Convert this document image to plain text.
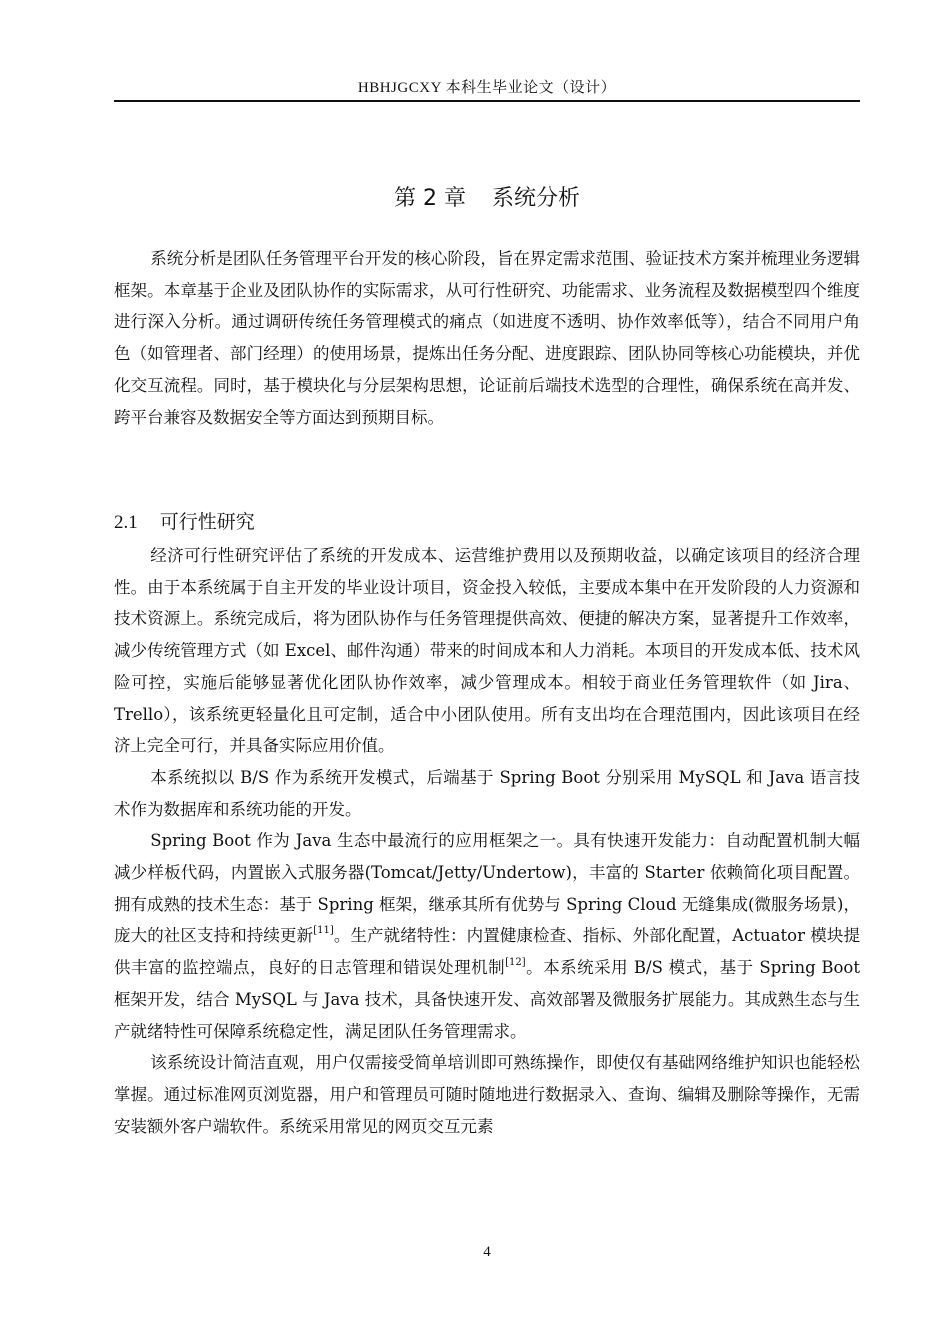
HBHJGCXY 本科生毕业论文（设计）
第 2 章 系统分析

系统分析是团队任务管理平台开发的核心阶段，旨在界定需求范围、验证技术方案并梳理业务逻辑框架。本章基于企业及团队协作的实际需求，从可行性研究、功能需求、业务流程及数据模型四个维度进行深入分析。通过调研传统任务管理模式的痛点（如进度不透明、协作效率低等），结合不同用户角色（如管理者、部门经理）的使用场景，提炼出任务分配、进度跟踪、团队协同等核心功能模块，并优化交互流程。同时，基于模块化与分层架构思想，论证前后端技术选型的合理性，确保系统在高并发、跨平台兼容及数据安全等方面达到预期目标。

2.1 可行性研究

经济可行性研究评估了系统的开发成本、运营维护费用以及预期收益，以确定该项目的经济合理性。由于本系统属于自主开发的毕业设计项目，资金投入较低，主要成本集中在开发阶段的人力资源和技术资源上。系统完成后，将为团队协作与任务管理提供高效、便捷的解决方案，显著提升工作效率，减少传统管理方式（如 Excel、邮件沟通）带来的时间成本和人力消耗。本项目的开发成本低、技术风险可控，实施后能够显著优化团队协作效率，减少管理成本。相较于商业任务管理软件（如 Jira、Trello），该系统更轻量化且可定制，适合中小团队使用。所有支出均在合理范围内，因此该项目在经济上完全可行，并具备实际应用价值。

本系统拟以 B/S 作为系统开发模式，后端基于 Spring Boot 分别采用 MySQL 和 Java 语言技术作为数据库和系统功能的开发。

Spring Boot 作为 Java 生态中最流行的应用框架之一。具有快速开发能力：自动配置机制大幅减少样板代码，内置嵌入式服务器(Tomcat/Jetty/Undertow)，丰富的 Starter 依赖简化项目配置。拥有成熟的技术生态：基于 Spring 框架，继承其所有优势与 Spring Cloud 无缝集成(微服务场景)，庞大的社区支持和持续更新[11]。生产就绪特性：内置健康检查、指标、外部化配置，Actuator 模块提供丰富的监控端点，良好的日志管理和错误处理机制[12]。本系统采用 B/S 模式，基于 Spring Boot 框架开发，结合 MySQL 与 Java 技术，具备快速开发、高效部署及微服务扩展能力。其成熟生态与生产就绪特性可保障系统稳定性，满足团队任务管理需求。

该系统设计简洁直观，用户仅需接受简单培训即可熟练操作，即使仅有基础网络维护知识也能轻松掌握。通过标准网页浏览器，用户和管理员可随时随地进行数据录入、查询、编辑及删除等操作，无需安装额外客户端软件。系统采用常见的网页交互元素

4
